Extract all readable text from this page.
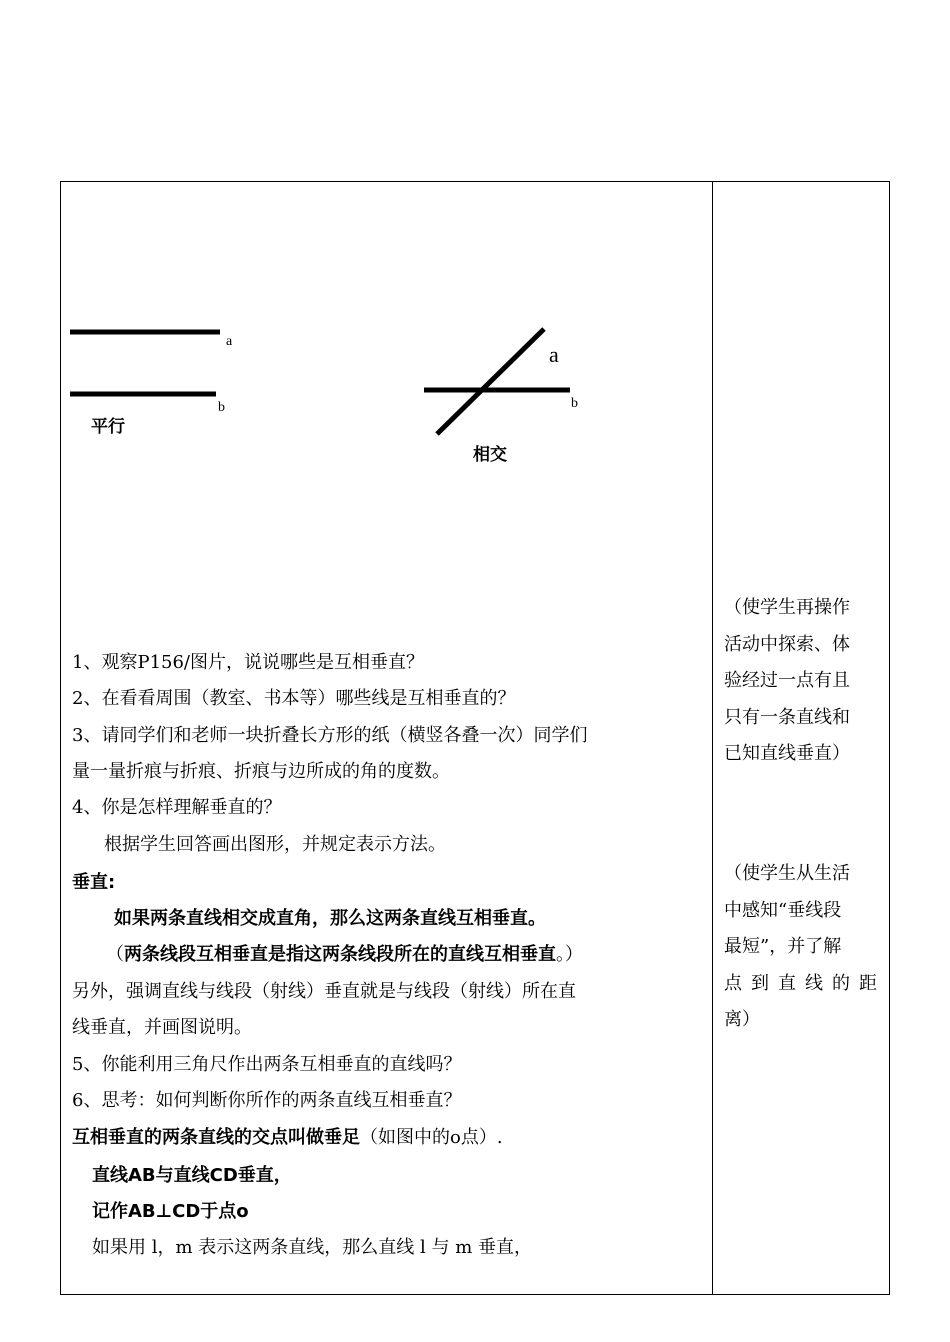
a
b
平行
a
b
相交
1、观察P156/图片，说说哪些是互相垂直？
2、在看看周围（教室、书本等）哪些线是互相垂直的？
3、请同学们和老师一块折叠长方形的纸（横竖各叠一次）同学们
量一量折痕与折痕、折痕与边所成的角的度数。
4、你是怎样理解垂直的？
根据学生回答画出图形，并规定表示方法。
垂直:
如果两条直线相交成直角，那么这两条直线互相垂直。
（两条线段互相垂直是指这两条线段所在的直线互相垂直。）
另外，强调直线与线段（射线）垂直就是与线段（射线）所在直
线垂直，并画图说明。
5、你能利用三角尺作出两条互相垂直的直线吗？
6、思考：如何判断你所作的两条直线互相垂直？
互相垂直的两条直线的交点叫做垂足（如图中的o点）.
直线AB与直线CD垂直，
记作AB⊥CD于点o
如果用 l，m 表示这两条直线，那么直线 l 与 m 垂直，
（使学生再操作
活动中探索、体
验经过一点有且
只有一条直线和
已知直线垂直）
（使学生从生活
中感知“垂线段
最短”，并了解
点到直线的距
离）
